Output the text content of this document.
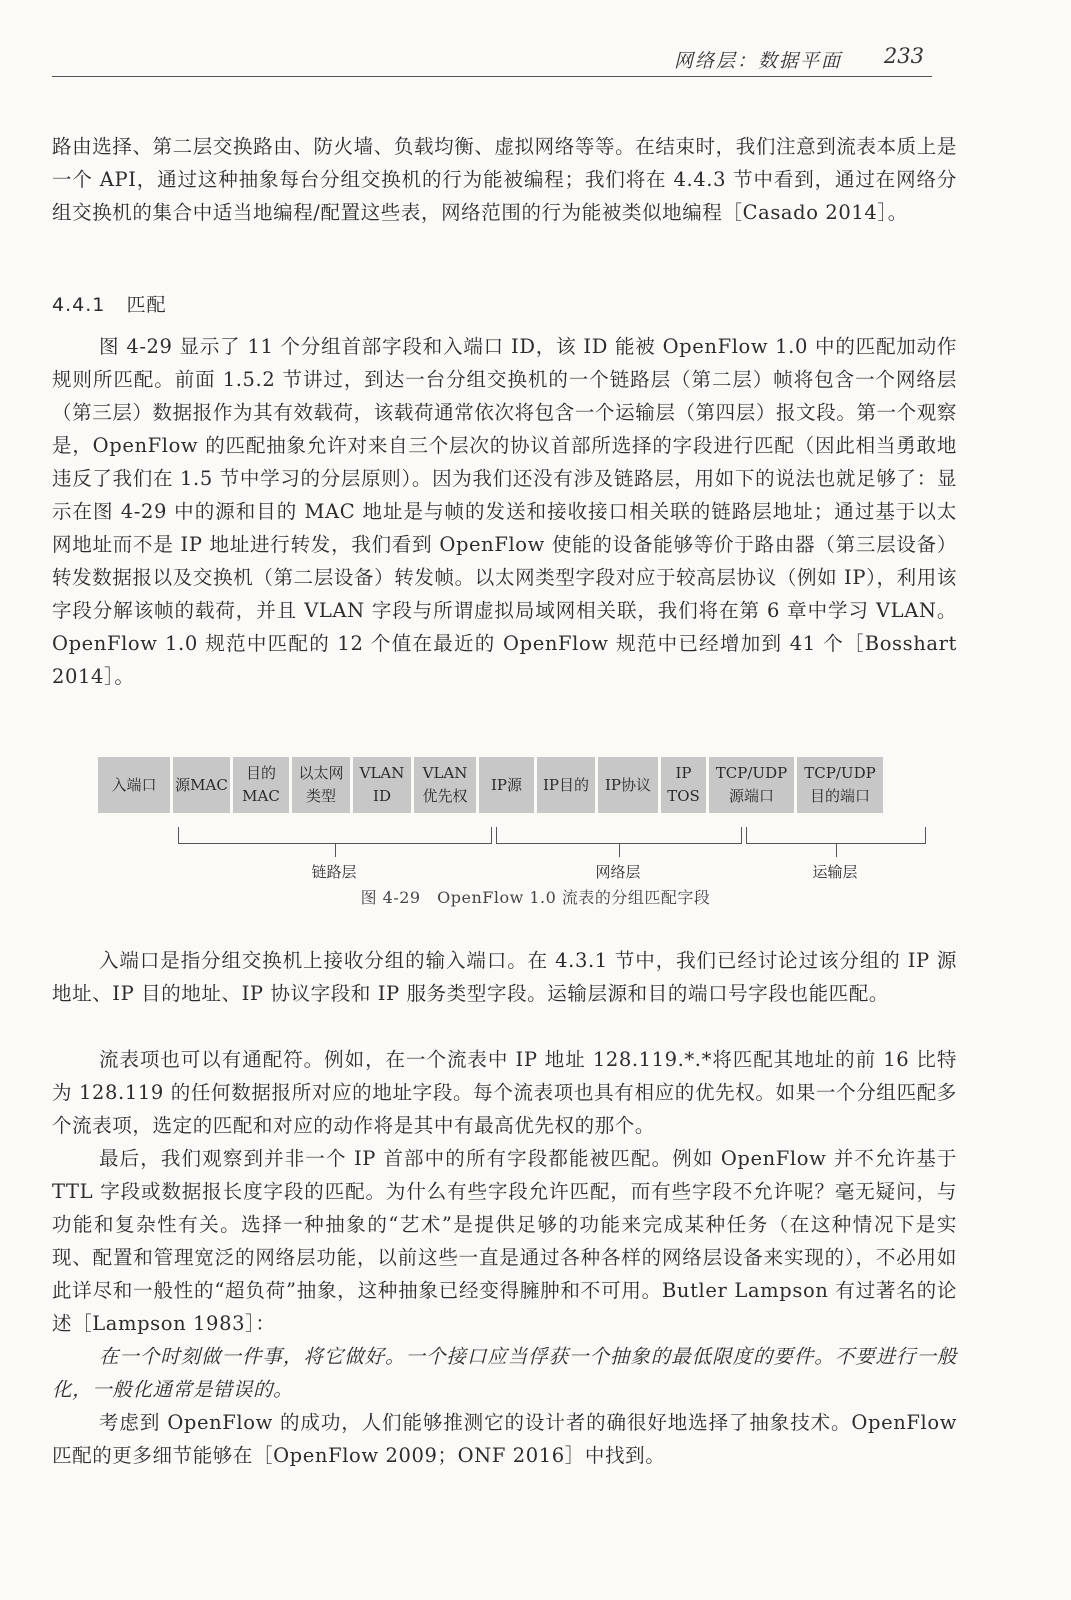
网络层：数据平面 233

路由选择、第二层交换路由、防火墙、负载均衡、虚拟网络等等。在结束时，我们注意到流表本质上是一个 API，通过这种抽象每台分组交换机的行为能被编程；我们将在 4.4.3 节中看到，通过在网络分组交换机的集合中适当地编程/配置这些表，网络范围的行为能被类似地编程［Casado 2014］。

4.4.1 匹配

图 4-29 显示了 11 个分组首部字段和入端口 ID，该 ID 能被 OpenFlow 1.0 中的匹配加动作规则所匹配。前面 1.5.2 节讲过，到达一台分组交换机的一个链路层（第二层）帧将包含一个网络层（第三层）数据报作为其有效载荷，该载荷通常依次将包含一个运输层（第四层）报文段。第一个观察是，OpenFlow 的匹配抽象允许对来自三个层次的协议首部所选择的字段进行匹配（因此相当勇敢地违反了我们在 1.5 节中学习的分层原则）。因为我们还没有涉及链路层，用如下的说法也就足够了：显示在图 4-29 中的源和目的 MAC 地址是与帧的发送和接收接口相关联的链路层地址；通过基于以太网地址而不是 IP 地址进行转发，我们看到 OpenFlow 使能的设备能够等价于路由器（第三层设备）转发数据报以及交换机（第二层设备）转发帧。以太网类型字段对应于较高层协议（例如 IP），利用该字段分解该帧的载荷，并且 VLAN 字段与所谓虚拟局域网相关联，我们将在第 6 章中学习 VLAN。OpenFlow 1.0 规范中匹配的 12 个值在最近的 OpenFlow 规范中已经增加到 41 个［Bosshart 2014］。

入端口 源MAC
目的
MAC
以太网
类型
VLAN
ID
VLAN
优先权
IP源 IP目的 IP协议
IP
TOS
TCP/UDP
源端口
TCP/UDP
目的端口
链路层	网络层	运输层
图 4-29　OpenFlow 1.0 流表的分组匹配字段

入端口是指分组交换机上接收分组的输入端口。在 4.3.1 节中，我们已经讨论过该分组的 IP 源地址、IP 目的地址、IP 协议字段和 IP 服务类型字段。运输层源和目的端口号字段也能匹配。

流表项也可以有通配符。例如，在一个流表中 IP 地址 128.119.*.*将匹配其地址的前 16 比特为 128.119 的任何数据报所对应的地址字段。每个流表项也具有相应的优先权。如果一个分组匹配多个流表项，选定的匹配和对应的动作将是其中有最高优先权的那个。

最后，我们观察到并非一个 IP 首部中的所有字段都能被匹配。例如 OpenFlow 并不允许基于 TTL 字段或数据报长度字段的匹配。为什么有些字段允许匹配，而有些字段不允许呢？毫无疑问，与功能和复杂性有关。选择一种抽象的“艺术”是提供足够的功能来完成某种任务（在这种情况下是实现、配置和管理宽泛的网络层功能，以前这些一直是通过各种各样的网络层设备来实现的），不必用如此详尽和一般性的“超负荷”抽象，这种抽象已经变得臃肿和不可用。Butler Lampson 有过著名的论述［Lampson 1983］：

在一个时刻做一件事，将它做好。一个接口应当俘获一个抽象的最低限度的要件。不要进行一般化，一般化通常是错误的。

考虑到 OpenFlow 的成功，人们能够推测它的设计者的确很好地选择了抽象技术。OpenFlow 匹配的更多细节能够在［OpenFlow 2009；ONF 2016］中找到。
